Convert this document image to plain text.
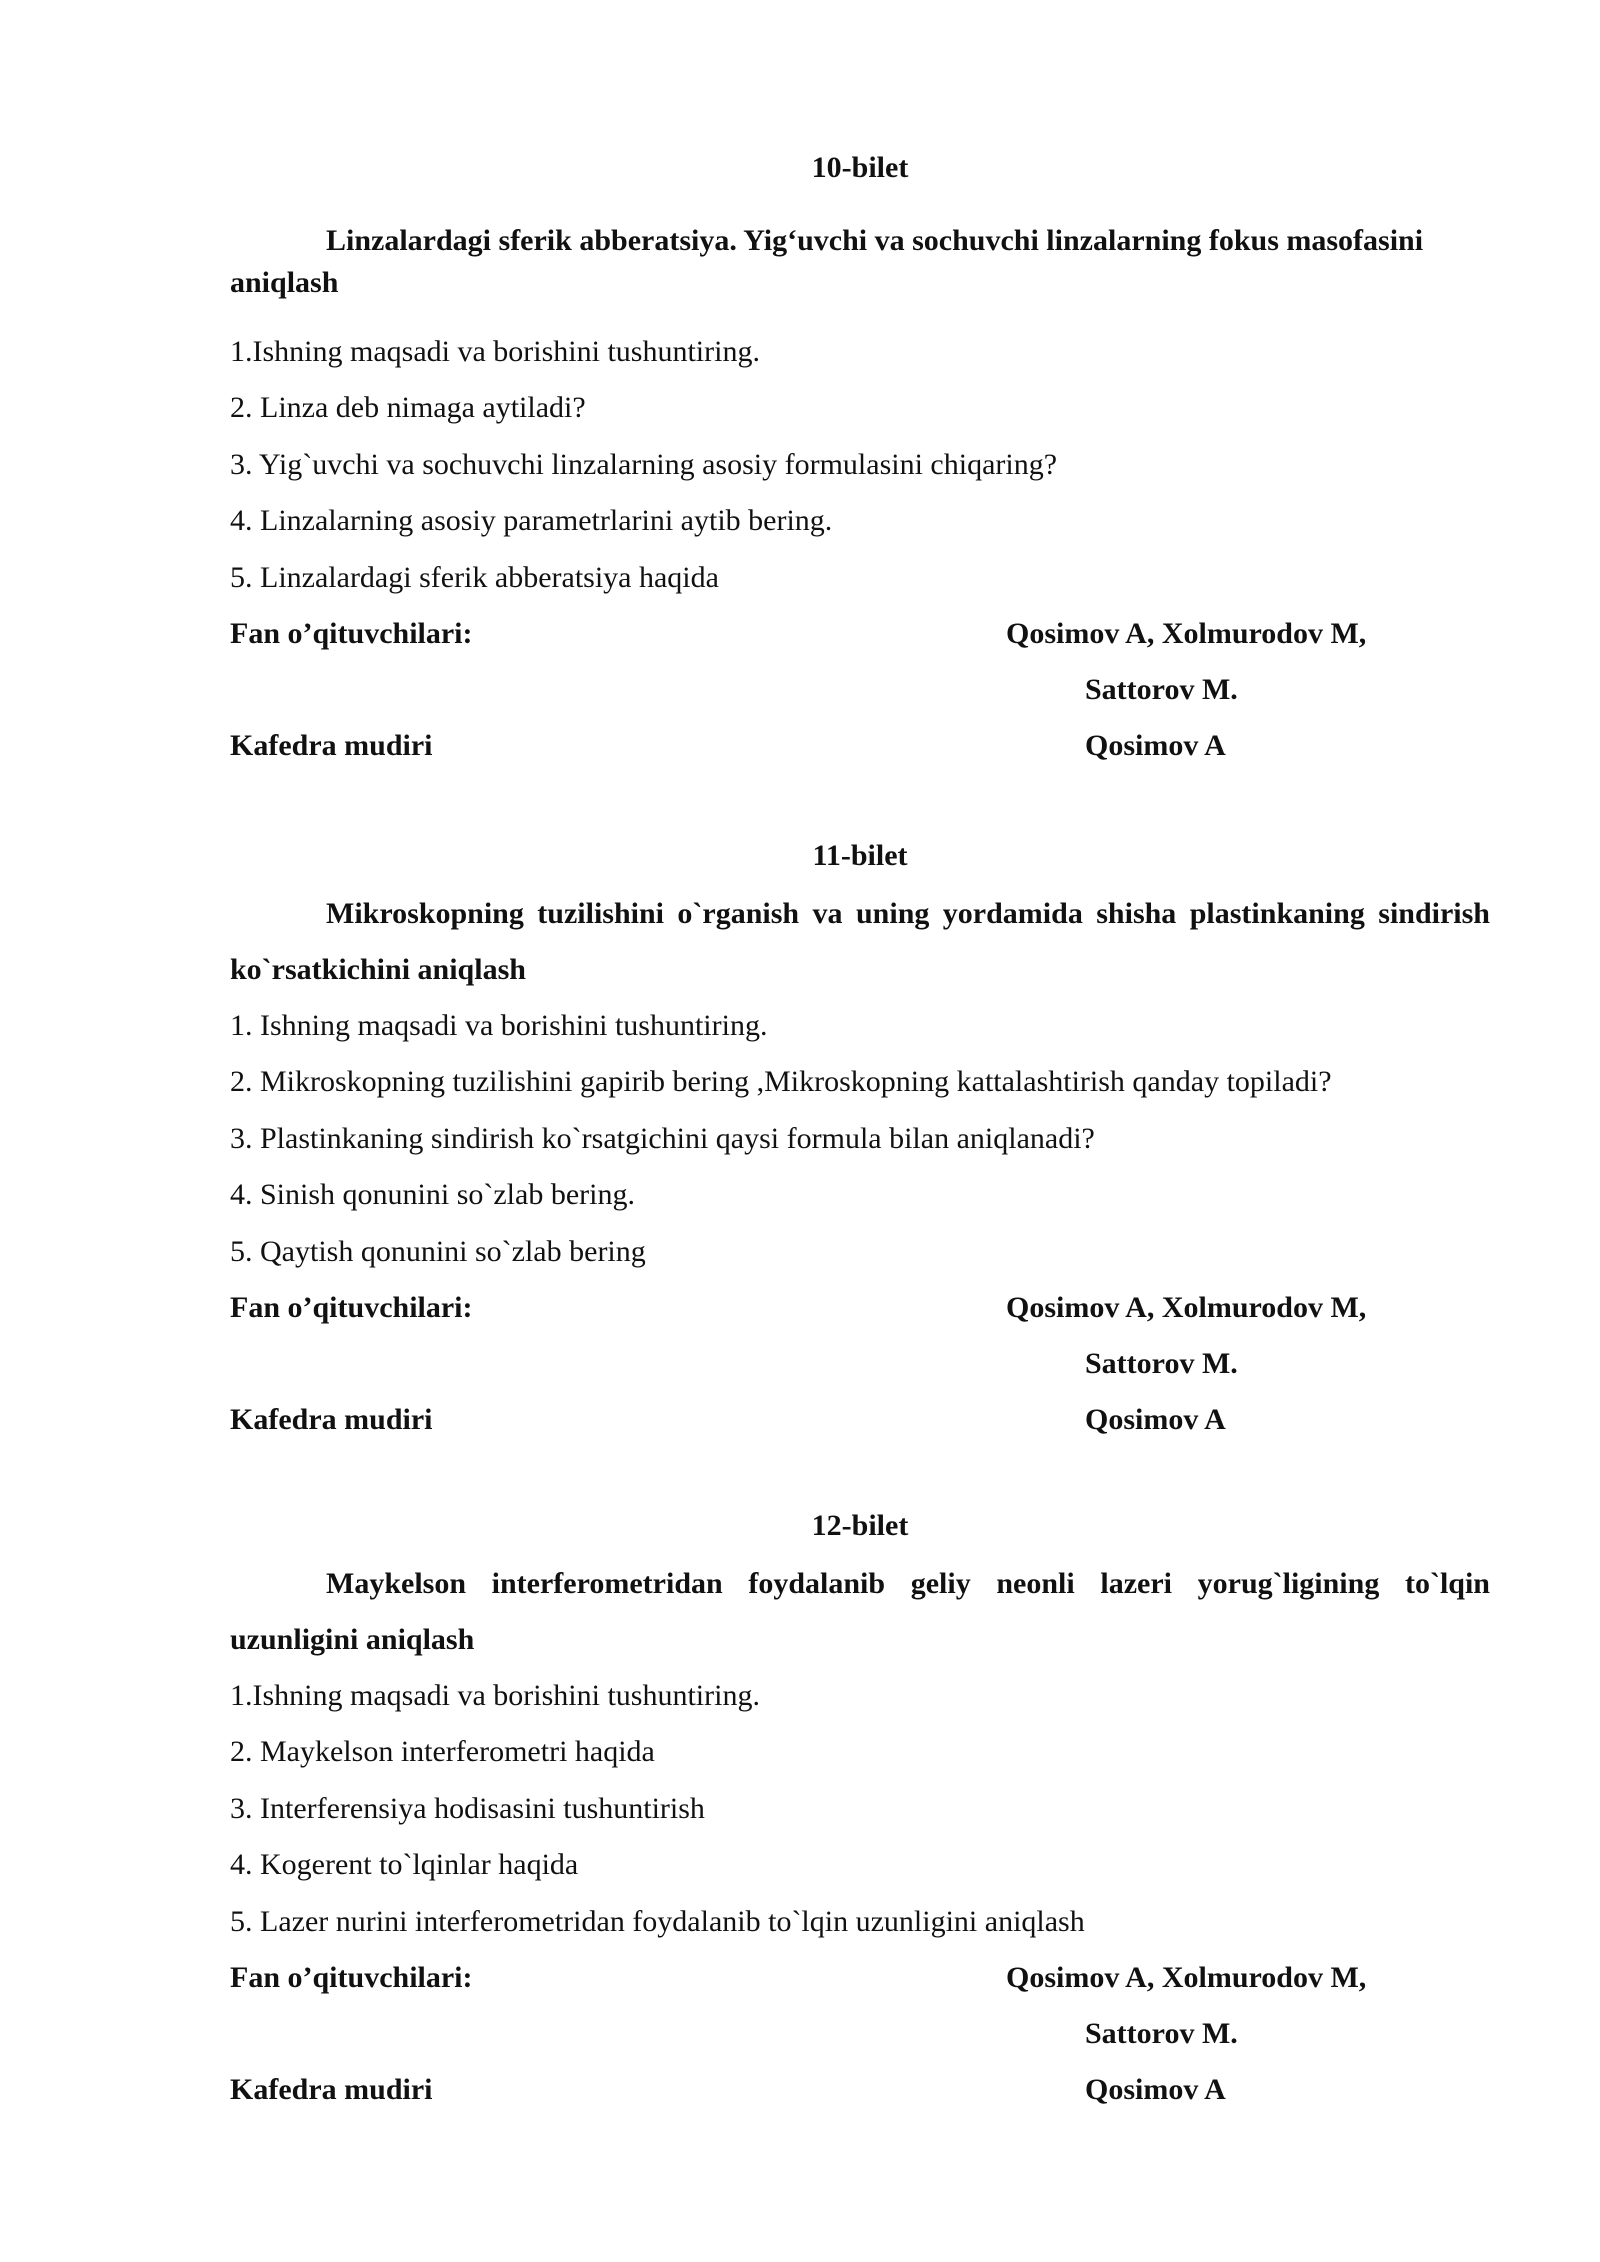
10-bilet
Linzalardagi sferik abberatsiya. Yig‘uvchi va sochuvchi linzalarning fokus masofasini aniqlash
1.Ishning maqsadi va borishini tushuntiring.
2. Linza deb nimaga aytiladi?
3. Yig`uvchi va sochuvchi linzalarning asosiy formulasini chiqaring?
4. Linzalarning asosiy parametrlarini aytib bering.
5. Linzalardagi sferik abberatsiya haqida
Fan o’qituvchilari:	Qosimov A, Xolmurodov M,
Sattorov M.
Kafedra mudiri	Qosimov A
11-bilet
Mikroskopning tuzilishini o`rganish va uning yordamida shisha plastinkaning sindirish ko`rsatkichini aniqlash
1. Ishning maqsadi va borishini tushuntiring.
2. Mikroskopning tuzilishini gapirib bering ,Mikroskopning kattalashtirish qanday topiladi?
3. Plastinkaning sindirish ko`rsatgichini qaysi formula bilan aniqlanadi?
4. Sinish qonunini so`zlab bering.
5. Qaytish qonunini so`zlab bering
Fan o’qituvchilari:	Qosimov A, Xolmurodov M,
Sattorov M.
Kafedra mudiri	Qosimov A
12-bilet
Maykelson interferometridan foydalanib geliy neonli lazeri yorug`ligining to`lqin uzunligini aniqlash
1.Ishning maqsadi va borishini tushuntiring.
2. Maykelson interferometri haqida
3. Interferensiya hodisasini tushuntirish
4. Kogerent to`lqinlar haqida
5. Lazer nurini interferometridan foydalanib to`lqin uzunligini aniqlash
Fan o’qituvchilari:	Qosimov A, Xolmurodov M,
Sattorov M.
Kafedra mudiri	Qosimov A
